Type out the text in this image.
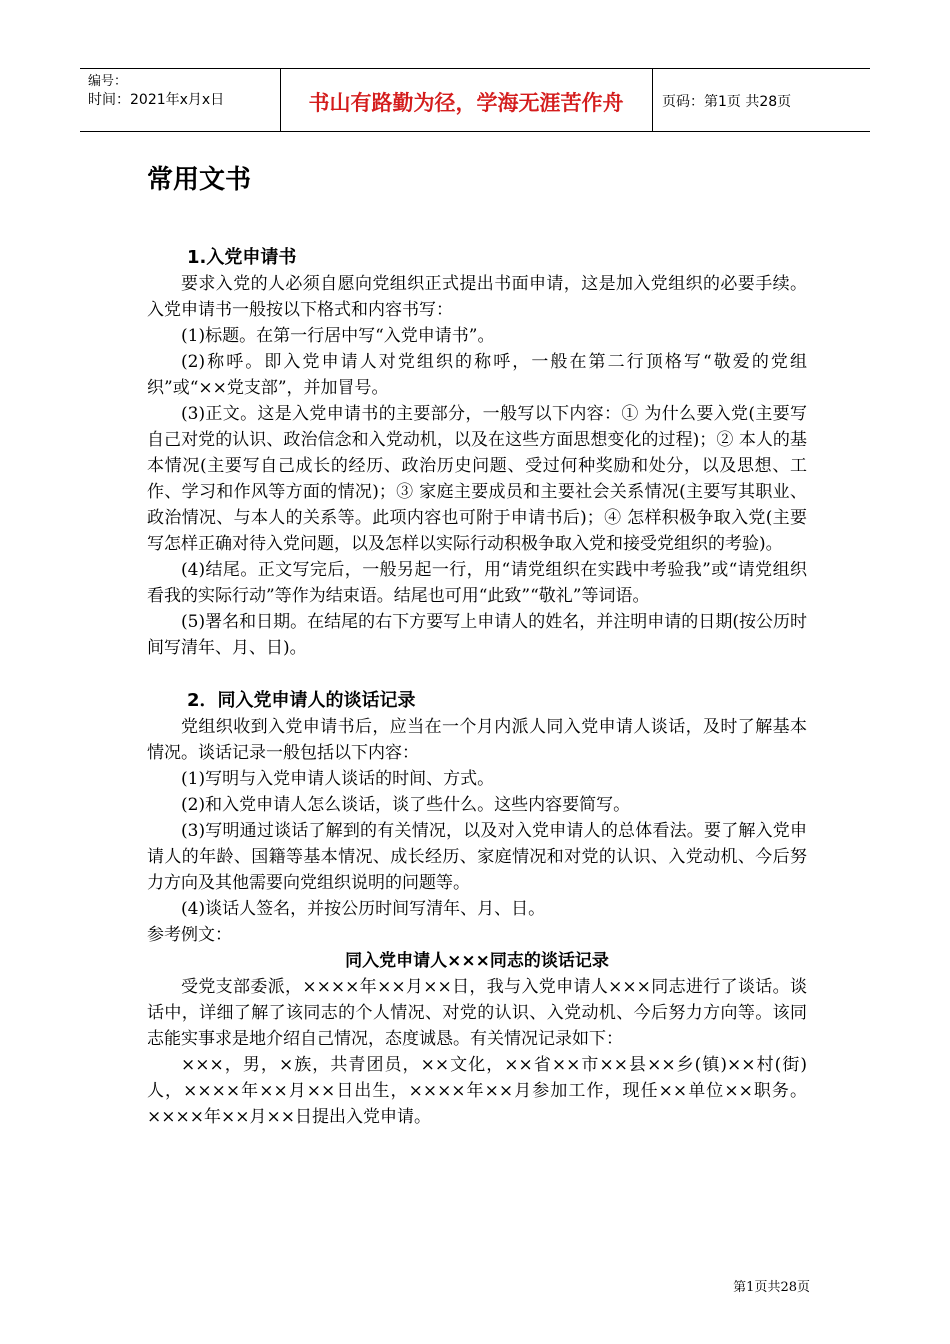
编号：
时间：2021年x月x日	书山有路勤为径，学海无涯苦作舟	页码：第1页 共28页
常用文书
1.入党申请书

要求入党的人必须自愿向党组织正式提出书面申请，这是加入党组织的必要手续。入党申请书一般按以下格式和内容书写：

(1)标题。在第一行居中写“入党申请书”。

(2)称呼。即入党申请人对党组织的称呼，一般在第二行顶格写“敬爱的党组织”或“××党支部”，并加冒号。

(3)正文。这是入党申请书的主要部分，一般写以下内容：① 为什么要入党(主要写自己对党的认识、政治信念和入党动机，以及在这些方面思想变化的过程)；② 本人的基本情况(主要写自己成长的经历、政治历史问题、受过何种奖励和处分，以及思想、工作、学习和作风等方面的情况)；③ 家庭主要成员和主要社会关系情况(主要写其职业、政治情况、与本人的关系等。此项内容也可附于申请书后)；④ 怎样积极争取入党(主要写怎样正确对待入党问题，以及怎样以实际行动积极争取入党和接受党组织的考验)。

(4)结尾。正文写完后，一般另起一行，用“请党组织在实践中考验我”或“请党组织看我的实际行动”等作为结束语。结尾也可用“此致”“敬礼”等词语。

(5)署名和日期。在结尾的右下方要写上申请人的姓名，并注明申请的日期(按公历时间写清年、月、日)。

2．同入党申请人的谈话记录

党组织收到入党申请书后，应当在一个月内派人同入党申请人谈话，及时了解基本情况。谈话记录一般包括以下内容：

(1)写明与入党申请人谈话的时间、方式。

(2)和入党申请人怎么谈话，谈了些什么。这些内容要简写。

(3)写明通过谈话了解到的有关情况，以及对入党申请人的总体看法。要了解入党申请人的年龄、国籍等基本情况、成长经历、家庭情况和对党的认识、入党动机、今后努力方向及其他需要向党组织说明的问题等。

(4)谈话人签名，并按公历时间写清年、月、日。

参考例文：

同入党申请人×××同志的谈话记录

受党支部委派，××××年××月××日，我与入党申请人×××同志进行了谈话。谈话中，详细了解了该同志的个人情况、对党的认识、入党动机、今后努力方向等。该同志能实事求是地介绍自己情况，态度诚恳。有关情况记录如下：

×××，男，×族，共青团员，××文化，××省××市××县××乡(镇)××村(街)人，××××年××月××日出生，××××年××月参加工作，现任××单位××职务。××××年××月××日提出入党申请。

第1页共28页
